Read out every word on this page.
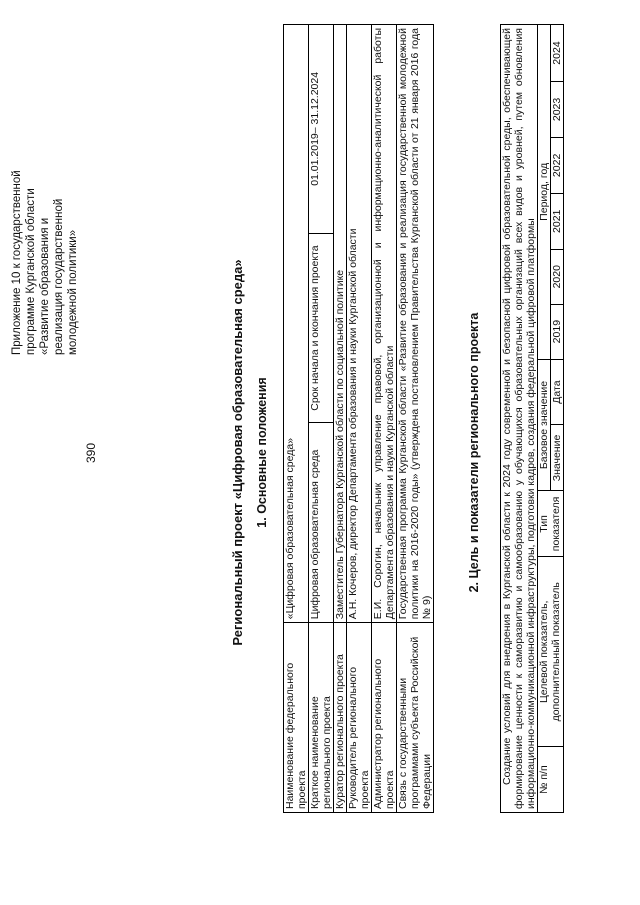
390
Приложение 10 к государственной программе Курганской области «Развитие образования и реализация государственной молодежной политики»	Региональный проект «Цифровая образовательная среда» 1. Основные положения
Наименование федерального проекта	«Цифровая образовательная среда»		
Краткое наименование регионального проекта	Цифровая образовательная среда	Срок начала и окончания проекта	01.01.2019– 31.12.2024
Куратор регионального проекта	Заместитель Губернатора Курганской области по социальной политике		
Руководитель регионального проекта	А.Н. Кочеров, директор Департамента образования и науки Курганской области		
Администратор регионального проекта	Е.И. Сорогин, начальник управление правовой, организационной и информационно-аналитической работы Департамента образования и науки Курганской области		
Связь с государственными программами субъекта Российской Федерации	Государственная программа Курганской области «Развитие образования и реализация государственной молодежной политики на 2016-2020 годы» (утверждена постановлением Правительства Курганской области от 21 января 2016 года № 9)		
2. Цель и показатели регионального проекта Создание условий для внедрения в Курганской области к 2024 году современной и безопасной цифровой образовательной среды, обеспечивающей формирование ценности к саморазвитию и самообразованию у обучающихся образовательных организаций всех видов и уровней, путем обновления информационно-коммуникационной инфраструктуры, подготовки кадров, создания федеральной цифровой платформы										
№ п/п	Целевой показатель, дополнительный показатель	Тип показателя	Базовое значение		Период, год					
			Значение	Дата	2019	2020	2021	2022	2023	2024
